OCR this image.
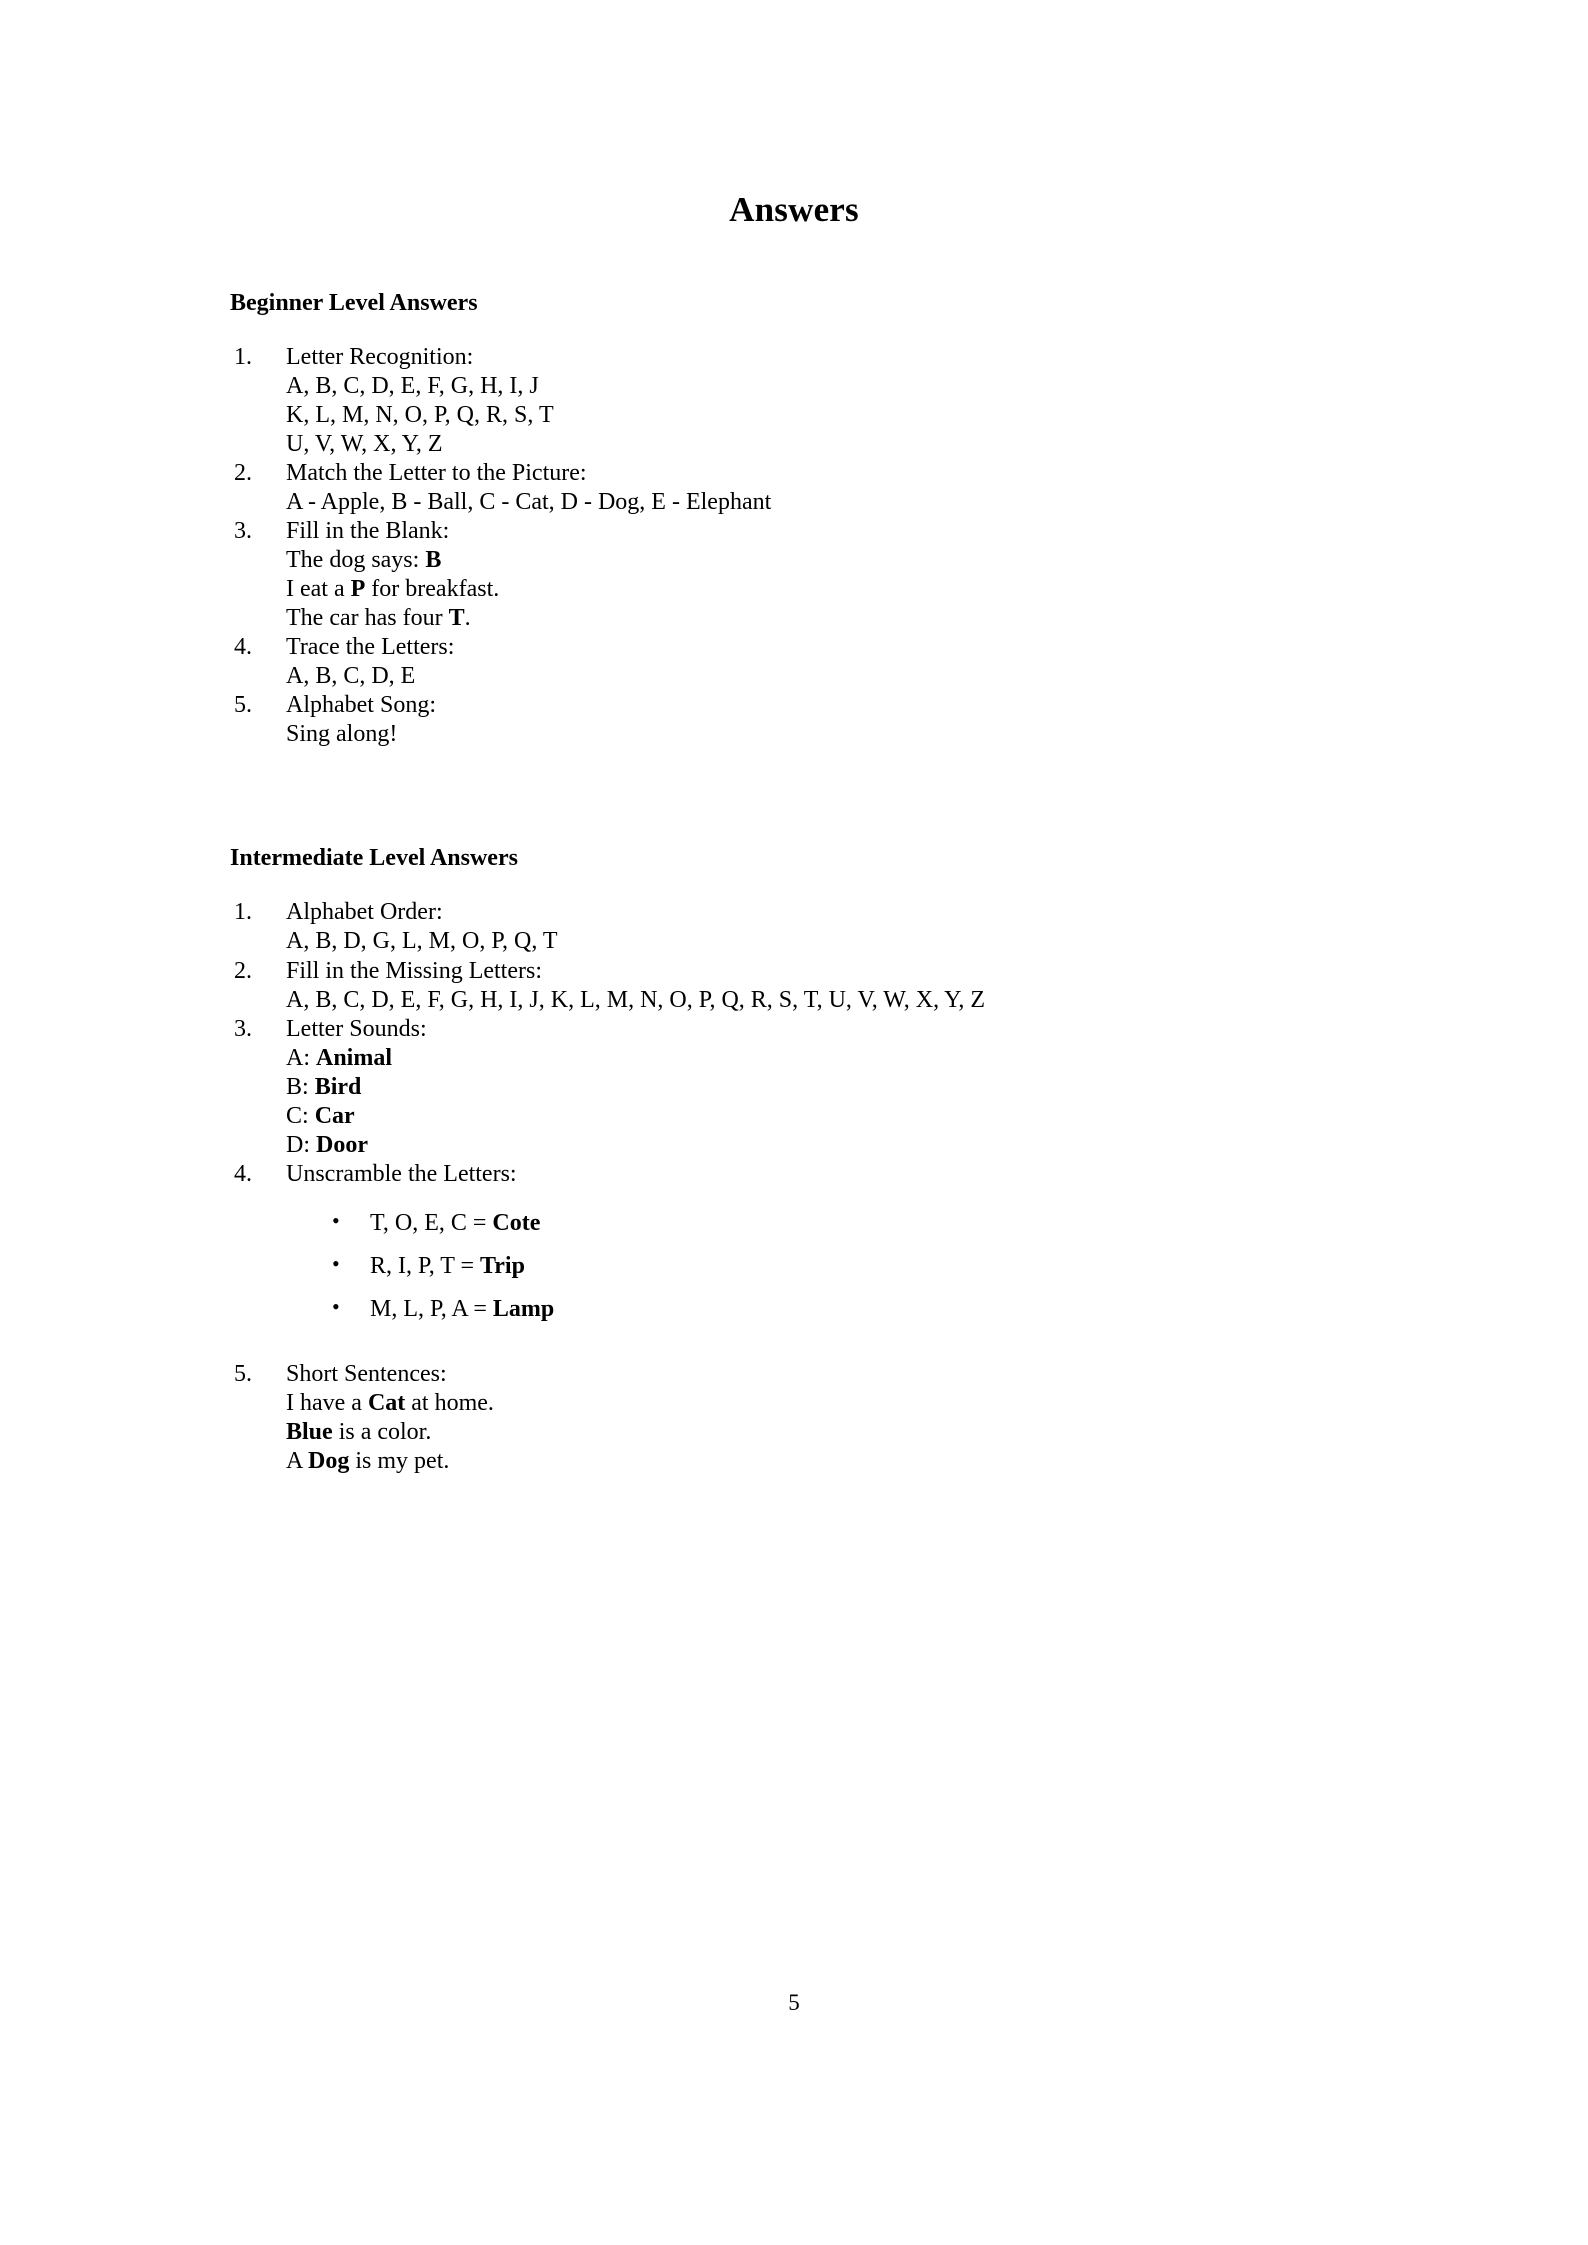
Answers
Beginner Level Answers
1.	Letter Recognition:
A, B, C, D, E, F, G, H, I, J
K, L, M, N, O, P, Q, R, S, T
U, V, W, X, Y, Z
2.	Match the Letter to the Picture:
A - Apple, B - Ball, C - Cat, D - Dog, E - Elephant
3.	Fill in the Blank:
The dog says: B
I eat a P for breakfast.
The car has four T.
4.	Trace the Letters:
A, B, C, D, E
5.	Alphabet Song:
Sing along!
Intermediate Level Answers
1.	Alphabet Order:
A, B, D, G, L, M, O, P, Q, T
2.	Fill in the Missing Letters:
A, B, C, D, E, F, G, H, I, J, K, L, M, N, O, P, Q, R, S, T, U, V, W, X, Y, Z
3.	Letter Sounds:
A: Animal
B: Bird
C: Car
D: Door
4.	Unscramble the Letters:
• T, O, E, C = Cote
• R, I, P, T = Trip
• M, L, P, A = Lamp
5.	Short Sentences:
I have a Cat at home.
Blue is a color.
A Dog is my pet.
5
